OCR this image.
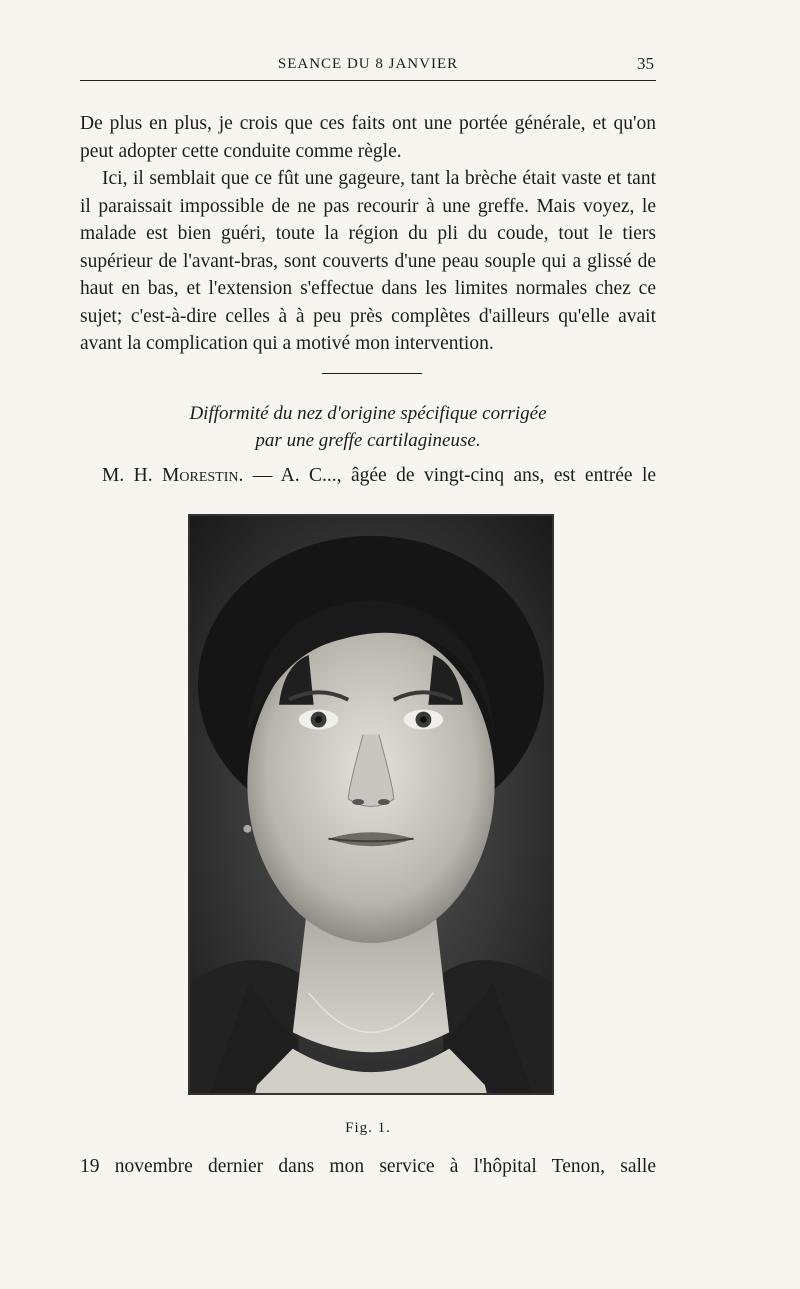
SEANCE DU 8 JANVIER	35

De plus en plus, je crois que ces faits ont une portée générale, et qu'on peut adopter cette conduite comme règle.

Ici, il semblait que ce fût une gageure, tant la brèche était vaste et tant il paraissait impossible de ne pas recourir à une greffe. Mais voyez, le malade est bien guéri, toute la région du pli du coude, tout le tiers supérieur de l'avant-bras, sont couverts d'une peau souple qui a glissé de haut en bas, et l'extension s'effectue dans les limites normales chez ce sujet; c'est-à-dire celles à à peu près complètes d'ailleurs qu'elle avait avant la complication qui a motivé mon intervention.

Difformité du nez d'origine spécifique corrigée
par une greffe cartilagineuse.
M. H. Morestin. — A. C..., âgée de vingt-cinq ans, est entrée le
Fig. 1.
19 novembre dernier dans mon service à l'hôpital Tenon, salle
